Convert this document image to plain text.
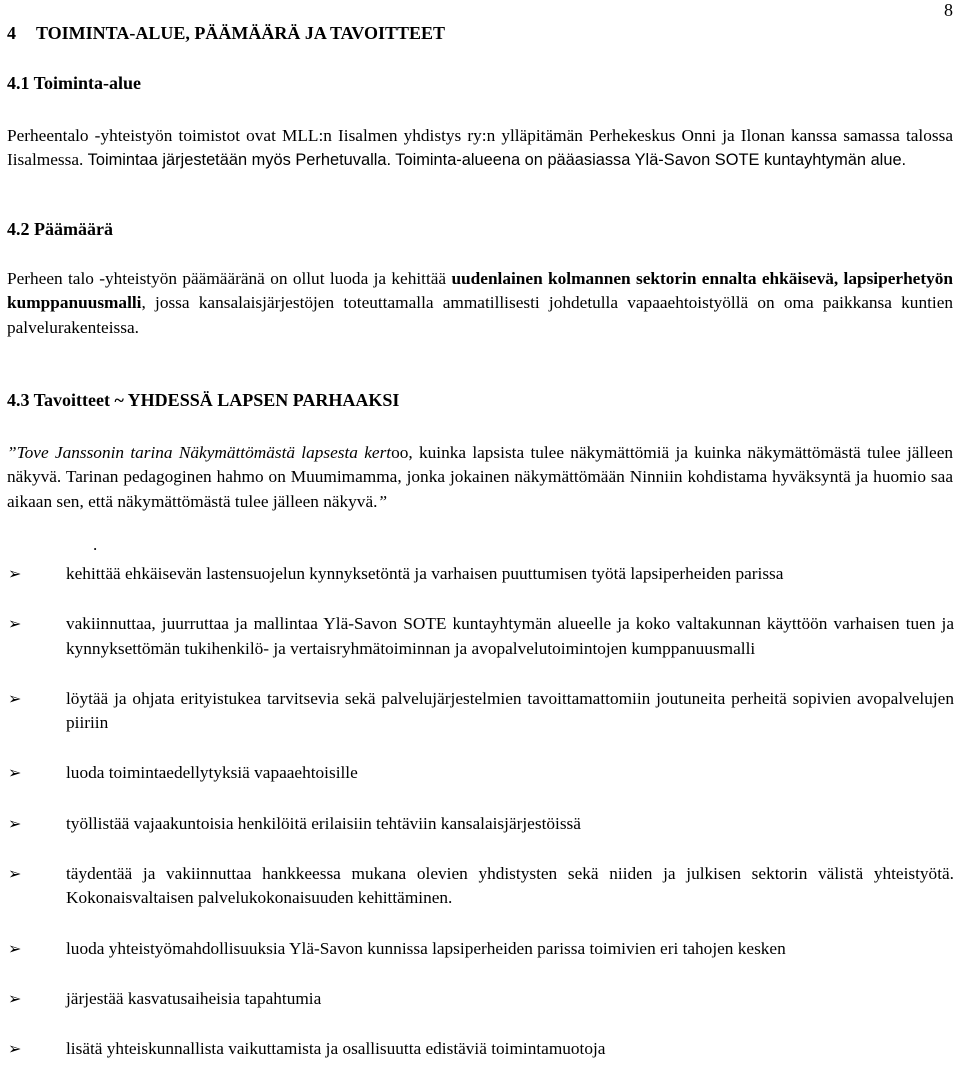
8
4 TOIMINTA-ALUE, PÄÄMÄÄRÄ JA TAVOITTEET
4.1 Toiminta-alue

Perheentalo -yhteistyön toimistot ovat MLL:n Iisalmen yhdistys ry:n ylläpitämän Perhekeskus Onni ja Ilonan kanssa samassa talossa Iisalmessa. Toimintaa järjestetään myös Perhetuvalla. Toiminta-alueena on pääasiassa Ylä-Savon SOTE kuntayhtymän alue.

4.2 Päämäärä

Perheen talo -yhteistyön päämääränä on ollut luoda ja kehittää uudenlainen kolmannen sektorin ennalta ehkäisevä, lapsiperhetyön kumppanuusmalli, jossa kansalaisjärjestöjen toteuttamalla ammatillisesti johdetulla vapaaehtoistyöllä on oma paikkansa kuntien palvelurakenteissa.

4.3 Tavoitteet ~ YHDESSÄ LAPSEN PARHAAKSI

”Tove Janssonin tarina Näkymättömästä lapsesta kertoo, kuinka lapsista tulee näkymättömiä ja kuinka näkymättömästä tulee jälleen näkyvä. Tarinan pedagoginen hahmo on Muumimamma, jonka jokainen näkymättömään Ninniin kohdistama hyväksyntä ja huomio saa aikaan sen, että näkymättömästä tulee jälleen näkyvä.”

.
➢	kehittää ehkäisevän lastensuojelun kynnyksetöntä ja varhaisen puuttumisen työtä lapsiperheiden parissa
➢	vakiinnuttaa, juurruttaa ja mallintaa Ylä-Savon SOTE kuntayhtymän alueelle ja koko valtakunnan käyttöön varhaisen tuen ja kynnyksettömän tukihenkilö- ja vertaisryhmätoiminnan ja avopalvelutoimintojen kumppanuusmalli
➢	löytää ja ohjata erityistukea tarvitsevia sekä palvelujärjestelmien tavoittamattomiin joutuneita perheitä sopivien avopalvelujen piiriin
➢	luoda toimintaedellytyksiä vapaaehtoisille
➢	työllistää vajaakuntoisia henkilöitä erilaisiin tehtäviin kansalaisjärjestöissä
➢	täydentää ja vakiinnuttaa hankkeessa mukana olevien yhdistysten sekä niiden ja julkisen sektorin välistä yhteistyötä. Kokonaisvaltaisen palvelukokonaisuuden kehittäminen.
➢	luoda yhteistyömahdollisuuksia Ylä-Savon kunnissa lapsiperheiden parissa toimivien eri tahojen kesken
➢	järjestää kasvatusaiheisia tapahtumia
➢	lisätä yhteiskunnallista vaikuttamista ja osallisuutta edistäviä toimintamuotoja
